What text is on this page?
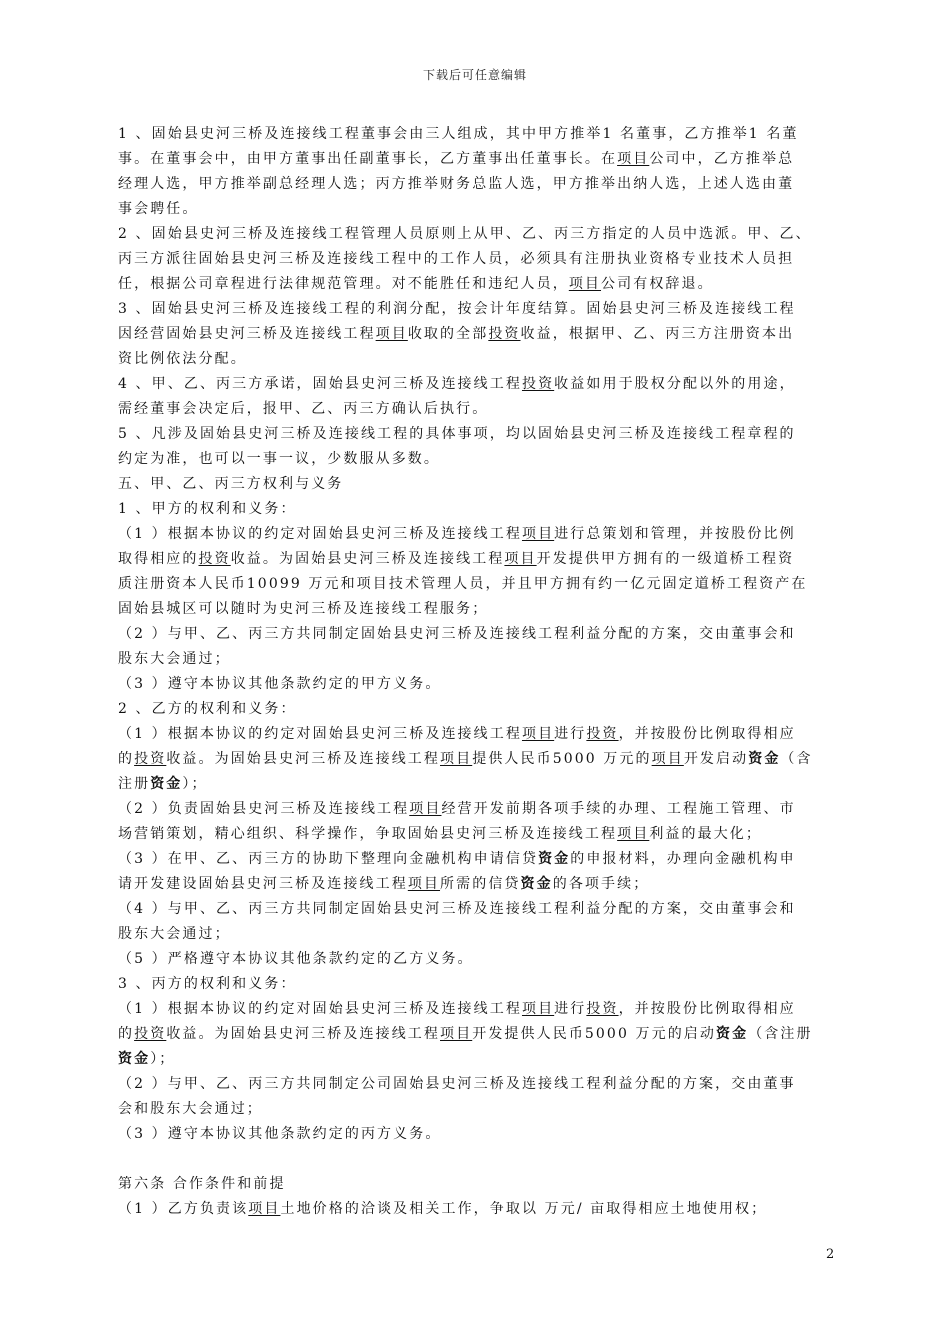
下载后可任意编辑
1 、固始县史河三桥及连接线工程董事会由三人组成，其中甲方推举1 名董事，乙方推举1 名董
事。在董事会中，由甲方董事出任副董事长，乙方董事出任董事长。在项目公司中，乙方推举总
经理人选，甲方推举副总经理人选；丙方推举财务总监人选，甲方推举出纳人选，上述人选由董
事会聘任。
2 、固始县史河三桥及连接线工程管理人员原则上从甲、乙、丙三方指定的人员中选派。甲、乙、
丙三方派往固始县史河三桥及连接线工程中的工作人员，必须具有注册执业资格专业技术人员担
任，根据公司章程进行法律规范管理。对不能胜任和违纪人员，项目公司有权辞退。
3 、固始县史河三桥及连接线工程的利润分配，按会计年度结算。固始县史河三桥及连接线工程
因经营固始县史河三桥及连接线工程项目收取的全部投资收益，根据甲、乙、丙三方注册资本出
资比例依法分配。
4 、甲、乙、丙三方承诺，固始县史河三桥及连接线工程投资收益如用于股权分配以外的用途，
需经董事会决定后，报甲、乙、丙三方确认后执行。
5 、凡涉及固始县史河三桥及连接线工程的具体事项，均以固始县史河三桥及连接线工程章程的
约定为准，也可以一事一议，少数服从多数。
五、甲、乙、丙三方权利与义务
1 、甲方的权利和义务：
（1 ）根据本协议的约定对固始县史河三桥及连接线工程项目进行总策划和管理，并按股份比例
取得相应的投资收益。为固始县史河三桥及连接线工程项目开发提供甲方拥有的一级道桥工程资
质注册资本人民币10099 万元和项目技术管理人员，并且甲方拥有约一亿元固定道桥工程资产在
固始县城区可以随时为史河三桥及连接线工程服务；
（2 ）与甲、乙、丙三方共同制定固始县史河三桥及连接线工程利益分配的方案，交由董事会和
股东大会通过；
（3 ）遵守本协议其他条款约定的甲方义务。
2 、乙方的权利和义务：
（1 ）根据本协议的约定对固始县史河三桥及连接线工程项目进行投资，并按股份比例取得相应
的投资收益。为固始县史河三桥及连接线工程项目提供人民币5000 万元的项目开发启动资金（含
注册资金）；
（2 ）负责固始县史河三桥及连接线工程项目经营开发前期各项手续的办理、工程施工管理、市
场营销策划，精心组织、科学操作，争取固始县史河三桥及连接线工程项目利益的最大化；
（3 ）在甲、乙、丙三方的协助下整理向金融机构申请信贷资金的申报材料，办理向金融机构申
请开发建设固始县史河三桥及连接线工程项目所需的信贷资金的各项手续；
（4 ）与甲、乙、丙三方共同制定固始县史河三桥及连接线工程利益分配的方案，交由董事会和
股东大会通过；
（5 ）严格遵守本协议其他条款约定的乙方义务。
3 、丙方的权利和义务：
（1 ）根据本协议的约定对固始县史河三桥及连接线工程项目进行投资，并按股份比例取得相应
的投资收益。为固始县史河三桥及连接线工程项目开发提供人民币5000 万元的启动资金（含注册
资金）；
（2 ）与甲、乙、丙三方共同制定公司固始县史河三桥及连接线工程利益分配的方案，交由董事
会和股东大会通过；
（3 ）遵守本协议其他条款约定的丙方义务。
第六条 合作条件和前提
（1 ）乙方负责该项目土地价格的洽谈及相关工作，争取以 万元/ 亩取得相应土地使用权；
2
